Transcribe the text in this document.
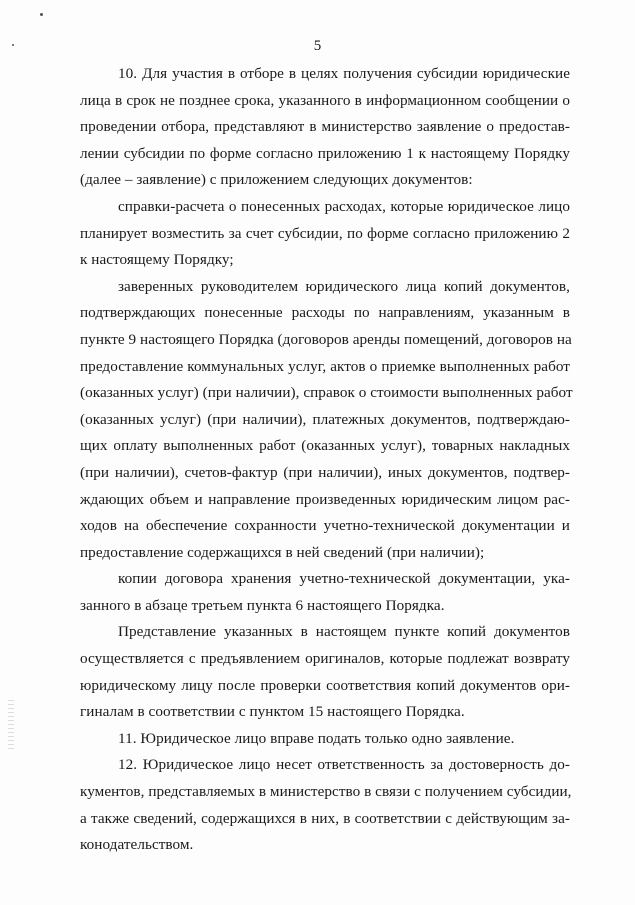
5
10. Для участия в отборе в целях получения субсидии юридические
лица в срок не позднее срока, указанного в информационном сообщении о
проведении отбора, представляют в министерство заявление о предостав-
лении субсидии по форме согласно приложению 1 к настоящему Порядку
(далее – заявление) с приложением следующих документов:
справки-расчета о понесенных расходах, которые юридическое лицо
планирует возместить за счет субсидии, по форме согласно приложению 2
к настоящему Порядку;
заверенных руководителем юридического лица копий документов,
подтверждающих понесенные расходы по направлениям, указанным в
пункте 9 настоящего Порядка (договоров аренды помещений, договоров на
предоставление коммунальных услуг, актов о приемке выполненных работ
(оказанных услуг) (при наличии), справок о стоимости выполненных работ
(оказанных услуг) (при наличии), платежных документов, подтверждаю-
щих оплату выполненных работ (оказанных услуг), товарных накладных
(при наличии), счетов-фактур (при наличии), иных документов, подтвер-
ждающих объем и направление произведенных юридическим лицом рас-
ходов на обеспечение сохранности учетно-технической документации и
предоставление содержащихся в ней сведений (при наличии);
копии договора хранения учетно-технической документации, ука-
занного в абзаце третьем пункта 6 настоящего Порядка.
Представление указанных в настоящем пункте копий документов
осуществляется с предъявлением оригиналов, которые подлежат возврату
юридическому лицу после проверки соответствия копий документов ори-
гиналам в соответствии с пунктом 15 настоящего Порядка.
11. Юридическое лицо вправе подать только одно заявление.
12. Юридическое лицо несет ответственность за достоверность до-
кументов, представляемых в министерство в связи с получением субсидии,
а также сведений, содержащихся в них, в соответствии с действующим за-
конодательством.
